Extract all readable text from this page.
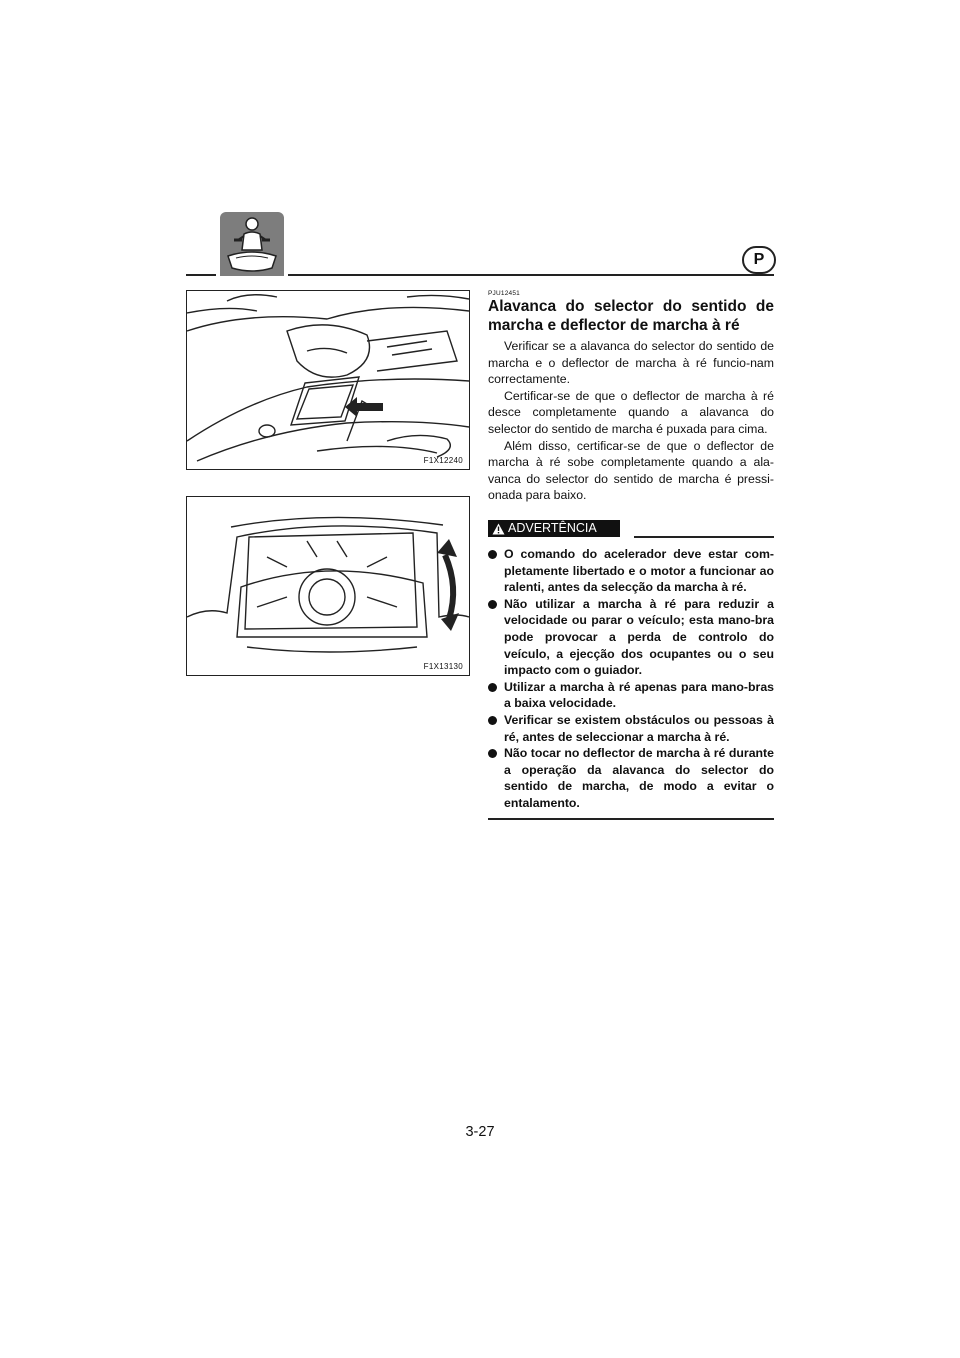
P
F1X12240
F1X13130
PJU12451
Alavanca do selector do sentido de
marcha e deflector de marcha à ré

Verificar se a alavanca do selector do sentido de marcha e o deflector de marcha à ré funcio-nam correctamente.

Certificar-se de que o deflector de marcha à ré desce completamente quando a alavanca do selector do sentido de marcha é puxada para cima.

Além disso, certificar-se de que o deflector de marcha à ré sobe completamente quando a ala-vanca do selector do sentido de marcha é pressi-onada para baixo.

ADVERTÊNCIA
O comando do acelerador deve estar com-pletamente libertado e o motor a funcionar ao ralenti, antes da selecção da marcha à ré.
Não utilizar a marcha à ré para reduzir a velocidade ou parar o veículo; esta mano-bra pode provocar a perda de controlo do veículo, a ejecção dos ocupantes ou o seu impacto com o guiador.
Utilizar a marcha à ré apenas para mano-bras a baixa velocidade.
Verificar se existem obstáculos ou pessoas à ré, antes de seleccionar a marcha à ré.
Não tocar no deflector de marcha à ré durante a operação da alavanca do selector do sentido de marcha, de modo a evitar o entalamento.
3-27
